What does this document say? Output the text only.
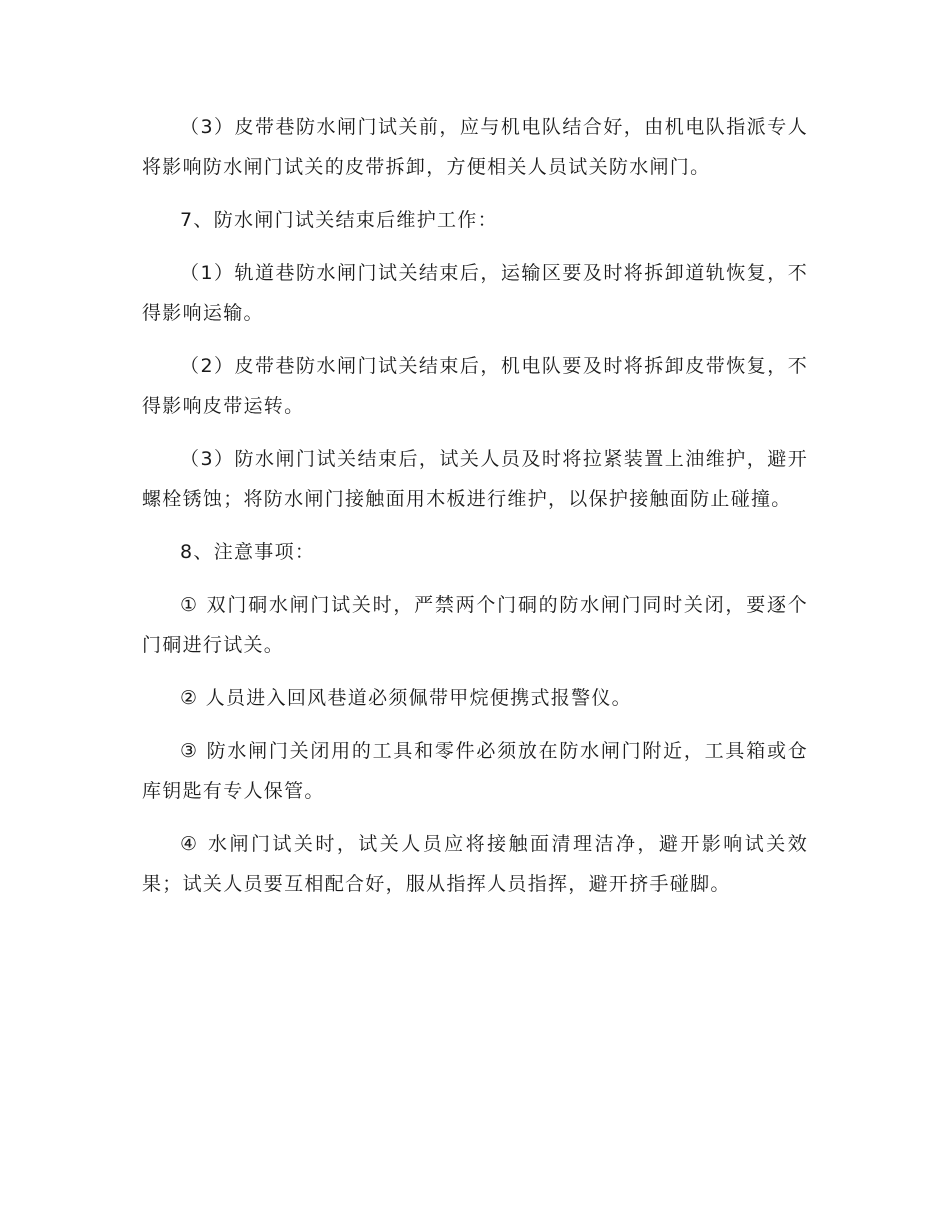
（3）皮带巷防水闸门试关前，应与机电队结合好，由机电队指派专人将影响防水闸门试关的皮带拆卸，方便相关人员试关防水闸门。

7、防水闸门试关结束后维护工作：

（1）轨道巷防水闸门试关结束后，运输区要及时将拆卸道轨恢复，不得影响运输。

（2）皮带巷防水闸门试关结束后，机电队要及时将拆卸皮带恢复，不得影响皮带运转。

（3）防水闸门试关结束后，试关人员及时将拉紧装置上油维护，避开螺栓锈蚀；将防水闸门接触面用木板进行维护，以保护接触面防止碰撞。

8、注意事项：

① 双门硐水闸门试关时，严禁两个门硐的防水闸门同时关闭，要逐个门硐进行试关。

② 人员进入回风巷道必须佩带甲烷便携式报警仪。

③ 防水闸门关闭用的工具和零件必须放在防水闸门附近，工具箱或仓库钥匙有专人保管。

④ 水闸门试关时，试关人员应将接触面清理洁净，避开影响试关效果；试关人员要互相配合好，服从指挥人员指挥，避开挤手碰脚。
